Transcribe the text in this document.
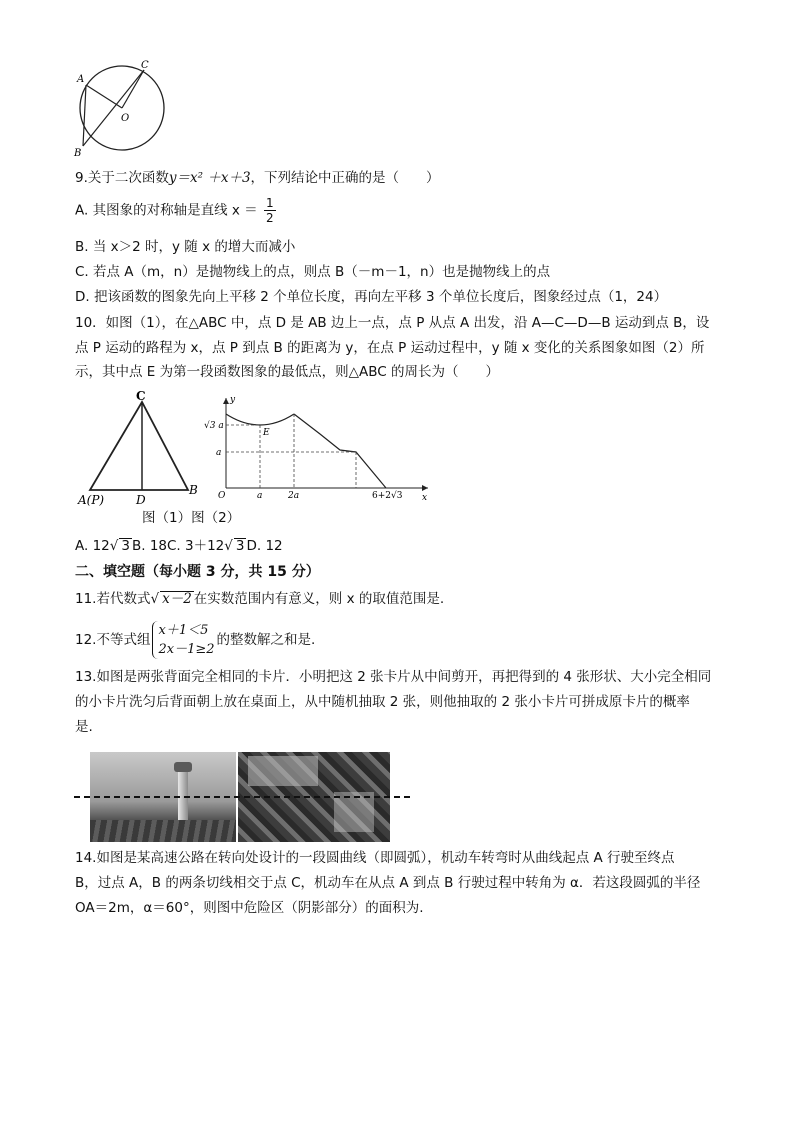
A
B
C
O
9.关于二次函数y＝x² ＋x＋3，下列结论中正确的是（　　）
A. 其图象的对称轴是直线 $x = \frac{1}{2}$
B. 当 x＞2 时，y 随 x 的增大而减小
C. 若点 A（m，n）是抛物线上的点，则点 B（－m－1，n）也是抛物线上的点
D. 把该函数的图象先向上平移 2 个单位长度，再向左平移 3 个单位长度后，图象经过点（1，24）
10．如图（1），在△ABC 中，点 D 是 AB 边上一点，点 P 从点 A 出发，沿 A—C—D—B 运动到点 B，设
点 P 运动的路程为 x，点 P 到点 B 的距离为 y，在点 P 运动过程中，y 随 x 变化的关系图象如图（2）所
示，其中点 E 为第一段函数图象的最低点，则△ABC 的周长为（　　）
C
A(P)	D
B
y
x
O
√3 a
a
E
a	2a	6+2√3
图（1）图（2）
A. 12√ 3 B. 18C. 3＋12√ 3 D. 12
二、填空题（每小题 3 分，共 15 分）
11.若代数式√ x－2 在实数范围内有意义，则 x 的取值范围是.
12.不等式组
x＋1＜5
2x－1≥2
的整数解之和是.
13.如图是两张背面完全相同的卡片．小明把这 2 张卡片从中间剪开，再把得到的 4 张形状、大小完全相同
的小卡片洗匀后背面朝上放在桌面上，从中随机抽取 2 张，则他抽取的 2 张小卡片可拼成原卡片的概率
是.
14.如图是某高速公路在转向处设计的一段圆曲线（即圆弧），机动车转弯时从曲线起点 A 行驶至终点
B，过点 A，B 的两条切线相交于点 C，机动车在从点 A 到点 B 行驶过程中转角为 α．若这段圆弧的半径
OA＝2m，α＝60°，则图中危险区（阴影部分）的面积为.
